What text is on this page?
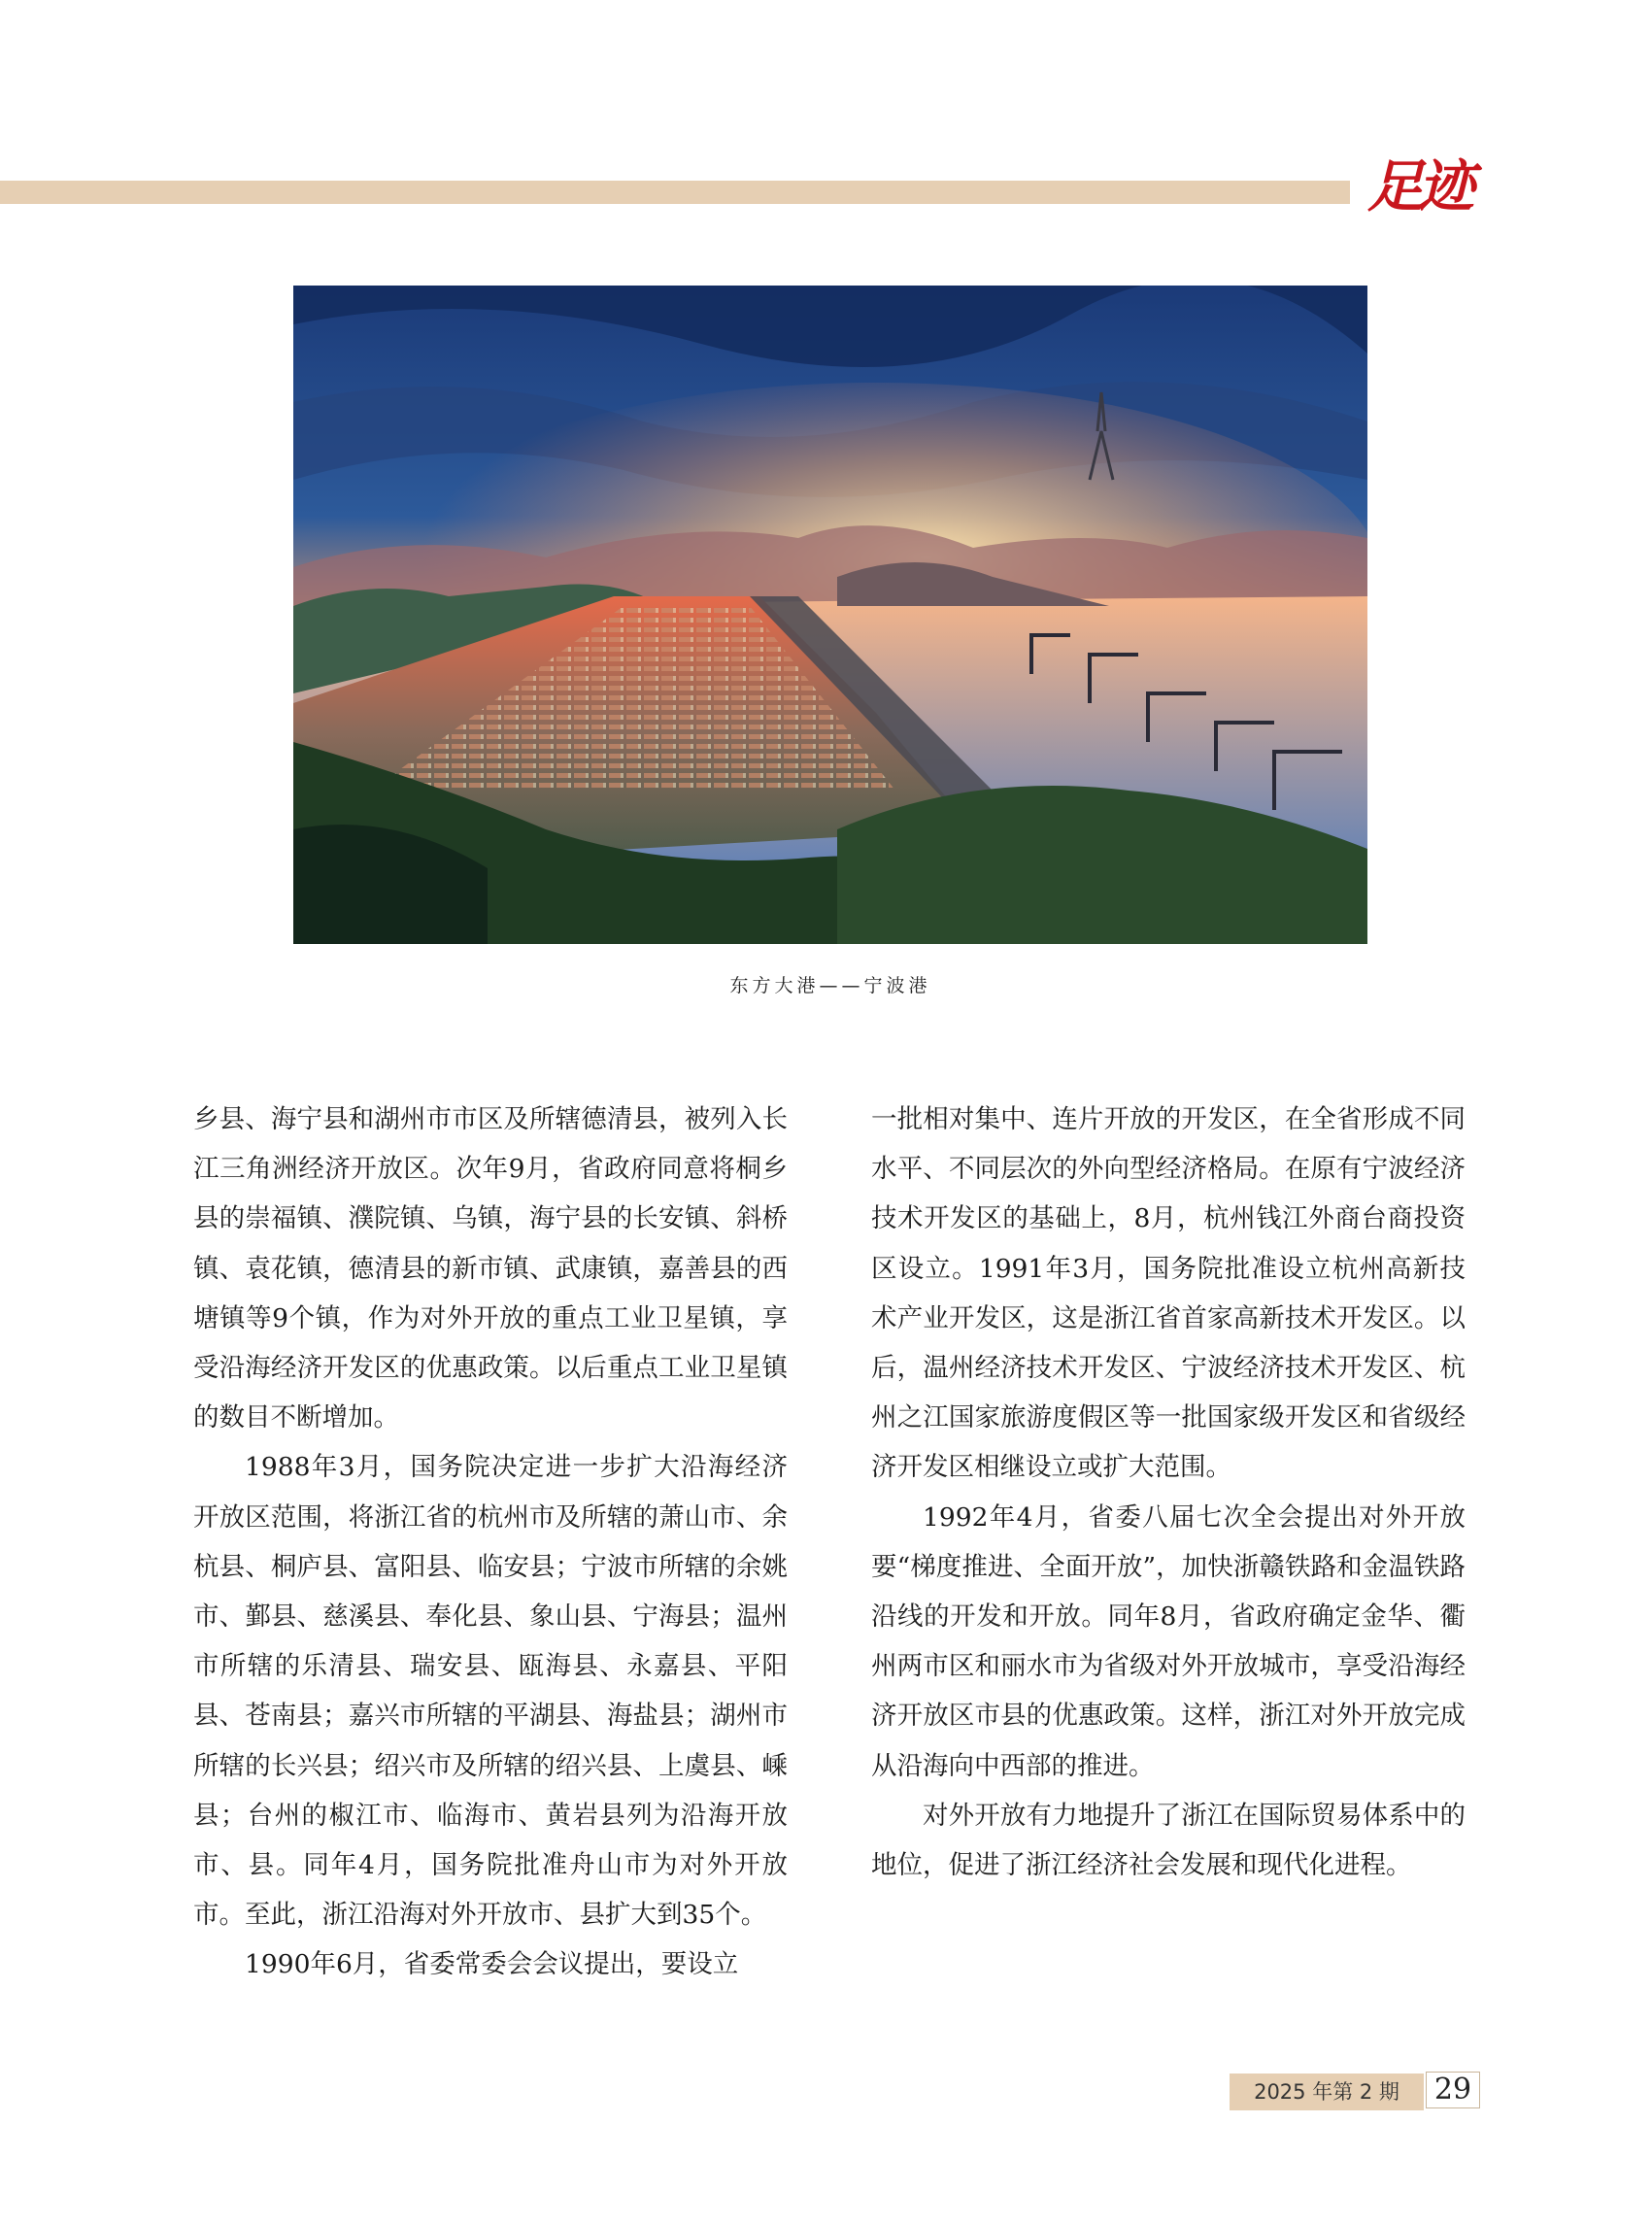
足迹
东方大港——宁波港

乡县、海宁县和湖州市市区及所辖德清县，被列入长江三角洲经济开放区。次年9月，省政府同意将桐乡县的崇福镇、濮院镇、乌镇，海宁县的长安镇、斜桥镇、袁花镇，德清县的新市镇、武康镇，嘉善县的西塘镇等9个镇，作为对外开放的重点工业卫星镇，享受沿海经济开发区的优惠政策。以后重点工业卫星镇的数目不断增加。

1988年3月，国务院决定进一步扩大沿海经济开放区范围，将浙江省的杭州市及所辖的萧山市、余杭县、桐庐县、富阳县、临安县；宁波市所辖的余姚市、鄞县、慈溪县、奉化县、象山县、宁海县；温州市所辖的乐清县、瑞安县、瓯海县、永嘉县、平阳县、苍南县；嘉兴市所辖的平湖县、海盐县；湖州市所辖的长兴县；绍兴市及所辖的绍兴县、上虞县、嵊县；台州的椒江市、临海市、黄岩县列为沿海开放市、县。同年4月，国务院批准舟山市为对外开放市。至此，浙江沿海对外开放市、县扩大到35个。

1990年6月，省委常委会会议提出，要设立

一批相对集中、连片开放的开发区，在全省形成不同水平、不同层次的外向型经济格局。在原有宁波经济技术开发区的基础上，8月，杭州钱江外商台商投资区设立。1991年3月，国务院批准设立杭州高新技术产业开发区，这是浙江省首家高新技术开发区。以后，温州经济技术开发区、宁波经济技术开发区、杭州之江国家旅游度假区等一批国家级开发区和省级经济开发区相继设立或扩大范围。

1992年4月，省委八届七次全会提出对外开放要“梯度推进、全面开放”，加快浙赣铁路和金温铁路沿线的开发和开放。同年8月，省政府确定金华、衢州两市区和丽水市为省级对外开放城市，享受沿海经济开放区市县的优惠政策。这样，浙江对外开放完成从沿海向中西部的推进。

对外开放有力地提升了浙江在国际贸易体系中的地位，促进了浙江经济社会发展和现代化进程。

2025 年第 2 期	29
